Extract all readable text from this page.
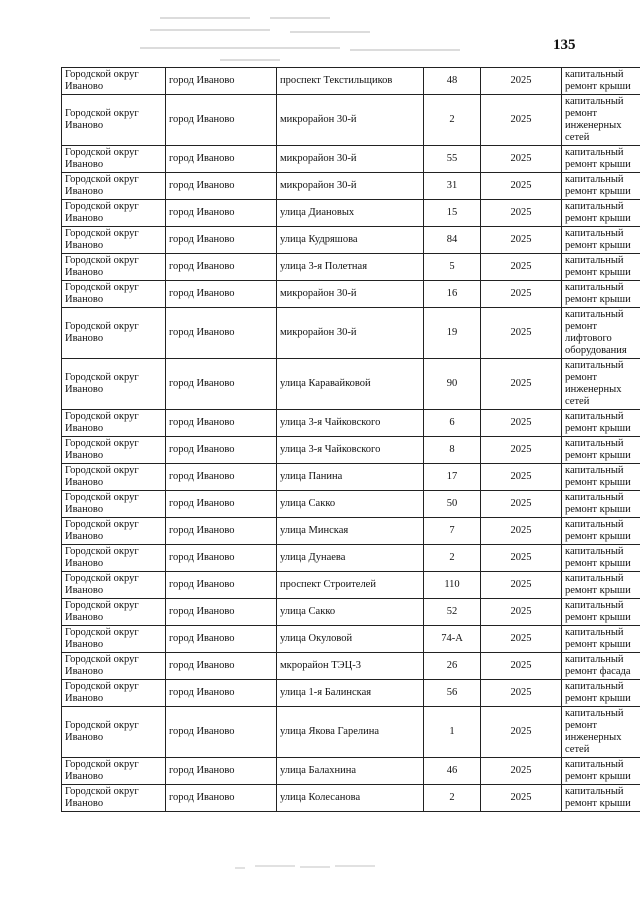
135
Городской округ Иваново	город Иваново	проспект Текстильщиков	48	2025	капитальный ремонт крыши
Городской округ Иваново	город Иваново	микрорайон 30-й	2	2025	капитальный ремонт инженерных сетей
Городской округ Иваново	город Иваново	микрорайон 30-й	55	2025	капитальный ремонт крыши
Городской округ Иваново	город Иваново	микрорайон 30-й	31	2025	капитальный ремонт крыши
Городской округ Иваново	город Иваново	улица Диановых	15	2025	капитальный ремонт крыши
Городской округ Иваново	город Иваново	улица Кудряшова	84	2025	капитальный ремонт крыши
Городской округ Иваново	город Иваново	улица 3-я Полетная	5	2025	капитальный ремонт крыши
Городской округ Иваново	город Иваново	микрорайон 30-й	16	2025	капитальный ремонт крыши
Городской округ Иваново	город Иваново	микрорайон 30-й	19	2025	капитальный ремонт лифтового оборудования
Городской округ Иваново	город Иваново	улица Каравайковой	90	2025	капитальный ремонт инженерных сетей
Городской округ Иваново	город Иваново	улица 3-я Чайковского	6	2025	капитальный ремонт крыши
Городской округ Иваново	город Иваново	улица 3-я Чайковского	8	2025	капитальный ремонт крыши
Городской округ Иваново	город Иваново	улица Панина	17	2025	капитальный ремонт крыши
Городской округ Иваново	город Иваново	улица Сакко	50	2025	капитальный ремонт крыши
Городской округ Иваново	город Иваново	улица Минская	7	2025	капитальный ремонт крыши
Городской округ Иваново	город Иваново	улица Дунаева	2	2025	капитальный ремонт крыши
Городской округ Иваново	город Иваново	проспект Строителей	110	2025	капитальный ремонт крыши
Городской округ Иваново	город Иваново	улица Сакко	52	2025	капитальный ремонт крыши
Городской округ Иваново	город Иваново	улица Окуловой	74-А	2025	капитальный ремонт крыши
Городской округ Иваново	город Иваново	мкрорайон ТЭЦ-3	26	2025	капитальный ремонт фасада
Городской округ Иваново	город Иваново	улица 1-я Балинская	56	2025	капитальный ремонт крыши
Городской округ Иваново	город Иваново	улица Якова Гарелина	1	2025	капитальный ремонт инженерных сетей
Городской округ Иваново	город Иваново	улица Балахнина	46	2025	капитальный ремонт крыши
Городской округ Иваново	город Иваново	улица Колесанова	2	2025	капитальный ремонт крыши
